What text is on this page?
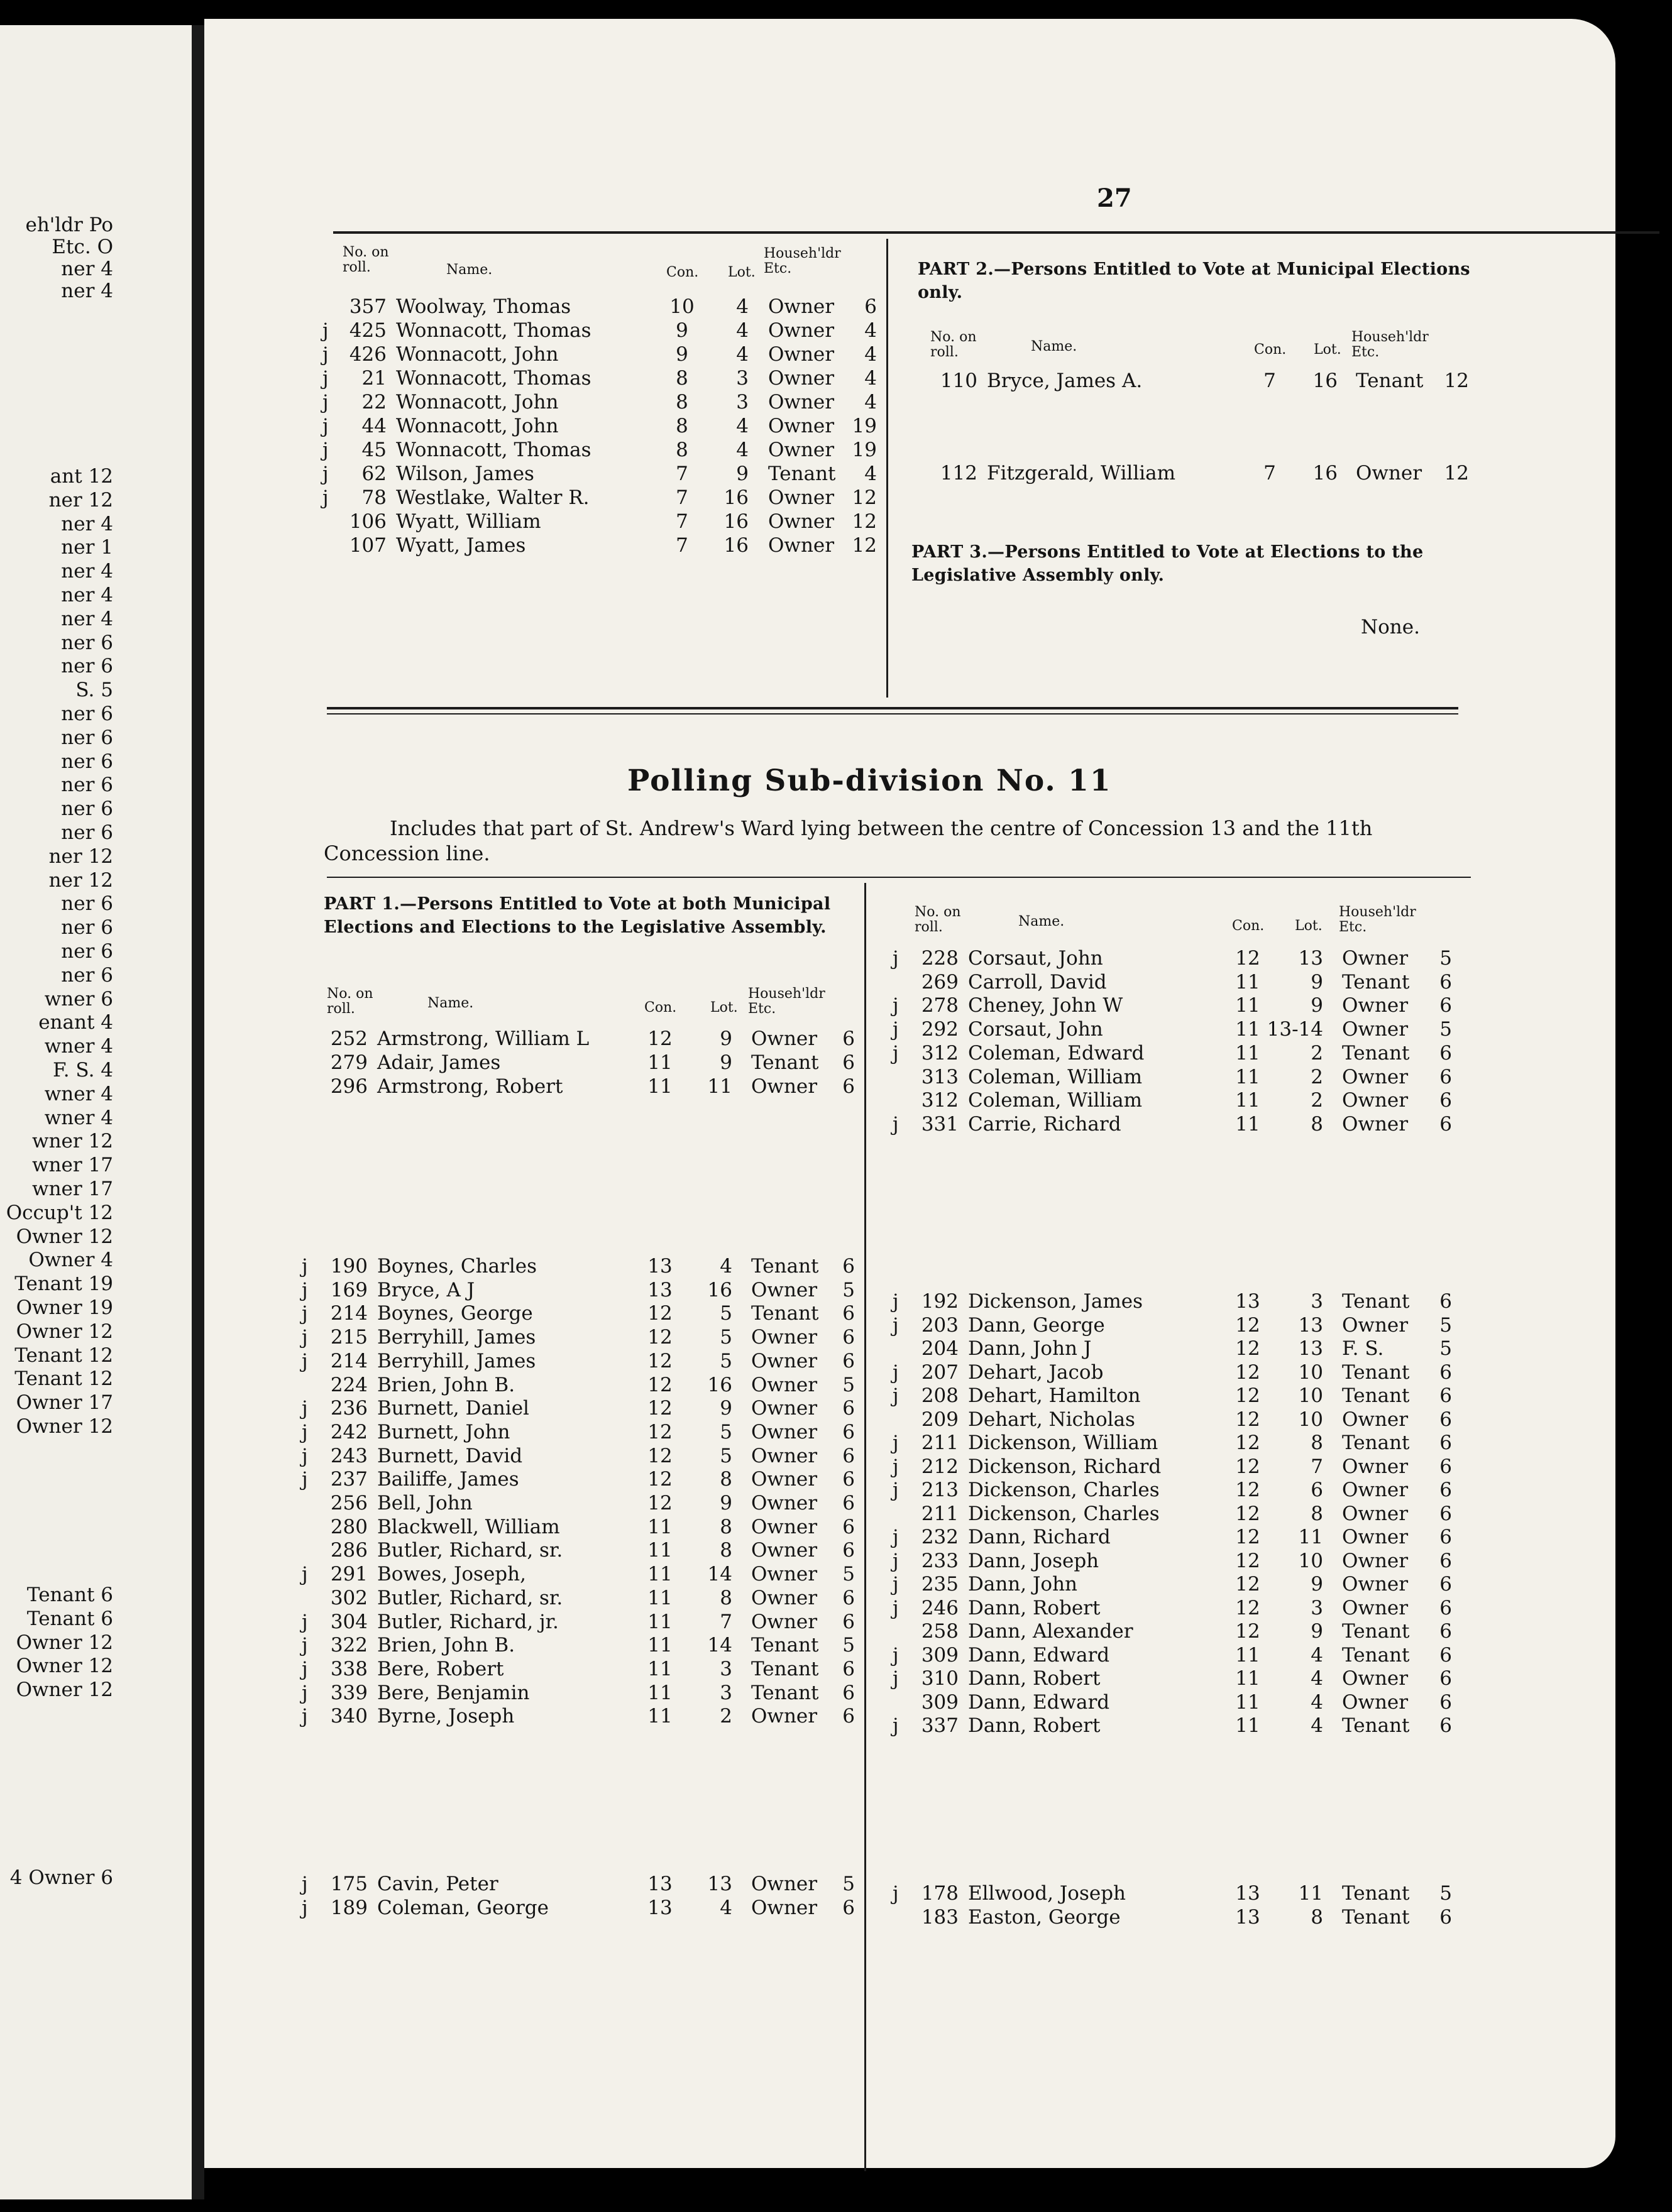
eh'ldr Po
Etc. O
ner 4
ner 4
ant 12
ner 12
ner 4
ner 1
ner 4
ner 4
ner 4
ner 6
ner 6
S. 5
ner 6
ner 6
ner 6
ner 6
ner 6
ner 6
ner 12
ner 12
ner 6
ner 6
ner 6
ner 6
wner 6
enant 4
wner 4
F. S. 4
wner 4
wner 4
wner 12
wner 17
wner 17
Occup't 12
Owner 12
Owner 4
Tenant 19
Owner 19
Owner 12
Tenant 12
Tenant 12
Owner 17
Owner 12
Tenant 6
Tenant 6
Owner 12
Owner 12
Owner 12
4 Owner 6
27
No. on roll.	Name.	Con. Lot.
Househ'ldr Etc.
357 Woolway, Thomas	10	4 Owner	6
j	425 Wonnacott, Thomas	9	4 Owner	4
j	426 Wonnacott, John	9	4 Owner	4
j	21 Wonnacott, Thomas	8	3 Owner	4
j	22 Wonnacott, John	8	3 Owner	4
j	44 Wonnacott, John	8	4 Owner 19
j	45 Wonnacott, Thomas	8	4 Owner 19
j	62 Wilson, James	7	9 Tenant	4
j	78 Westlake, Walter R.	7	16 Owner 12
106 Wyatt, William	7	16 Owner 12
107 Wyatt, James	7	16 Owner 12
PART 2.—Persons Entitled to Vote at Municipal Elections only.
No. on roll.	Name.	Con. Lot.
Househ'ldr Etc.
110 Bryce, James A.	7	16 Tenant	12
112 Fitzgerald, William	7	16 Owner	12
PART 3.—Persons Entitled to Vote at Elections to the Legislative Assembly only.
None.
Polling Sub-division No. 11
Includes that part of St. Andrew's Ward lying between the centre of Concession 13 and the 11th Concession line.
PART 1.—Persons Entitled to Vote at both Municipal Elections and Elections to the Legislative Assembly.
No. on roll.	Name.	Con. Lot.
Househ'ldr Etc.
No. on roll.	Name.	Con. Lot.
Househ'ldr Etc.
252 Armstrong, William L	12	9 Owner	6
279 Adair, James	11	9 Tenant	6
296 Armstrong, Robert	11	11 Owner	6
j	190 Boynes, Charles	13	4 Tenant	6
j	169 Bryce, A J	13	16 Owner	5
j	214 Boynes, George	12	5 Tenant	6
j	215 Berryhill, James	12	5 Owner	6
j	214 Berryhill, James	12	5 Owner	6
224 Brien, John B.	12	16 Owner	5
j	236 Burnett, Daniel	12	9 Owner	6
j	242 Burnett, John	12	5 Owner	6
j	243 Burnett, David	12	5 Owner	6
j	237 Bailiffe, James	12	8 Owner	6
256 Bell, John	12	9 Owner	6
280 Blackwell, William	11	8 Owner	6
286 Butler, Richard, sr.	11	8 Owner	6
j	291 Bowes, Joseph,	11	14 Owner	5
302 Butler, Richard, sr.	11	8 Owner	6
j	304 Butler, Richard, jr.	11	7 Owner	6
j	322 Brien, John B.	11	14 Tenant	5
j	338 Bere, Robert	11	3 Tenant	6
j	339 Bere, Benjamin	11	3 Tenant	6
j	340 Byrne, Joseph	11	2 Owner	6
j	175 Cavin, Peter	13	13 Owner	5
j	189 Coleman, George	13	4 Owner	6
j	228 Corsaut, John	12	13 Owner	5
269 Carroll, David	11	9 Tenant	6
j	278 Cheney, John W	11	9 Owner	6
j	292 Corsaut, John	11 13-14 Owner	5
j	312 Coleman, Edward	11	2 Tenant	6
313 Coleman, William	11	2 Owner	6
312 Coleman, William	11	2 Owner	6
j	331 Carrie, Richard	11	8 Owner	6
j	192 Dickenson, James	13	3 Tenant	6
j	203 Dann, George	12	13 Owner	5
204 Dann, John J	12	13 F. S.	5
j	207 Dehart, Jacob	12	10 Tenant	6
j	208 Dehart, Hamilton	12	10 Tenant	6
209 Dehart, Nicholas	12	10 Owner	6
j	211 Dickenson, William	12	8 Tenant	6
j	212 Dickenson, Richard	12	7 Owner	6
j	213 Dickenson, Charles	12	6 Owner	6
211 Dickenson, Charles	12	8 Owner	6
j	232 Dann, Richard	12	11 Owner	6
j	233 Dann, Joseph	12	10 Owner	6
j	235 Dann, John	12	9 Owner	6
j	246 Dann, Robert	12	3 Owner	6
258 Dann, Alexander	12	9 Tenant	6
j	309 Dann, Edward	11	4 Tenant	6
j	310 Dann, Robert	11	4 Owner	6
309 Dann, Edward	11	4 Owner	6
j	337 Dann, Robert	11	4 Tenant	6
j	178 Ellwood, Joseph	13	11 Tenant	5
183 Easton, George	13	8 Tenant	6
